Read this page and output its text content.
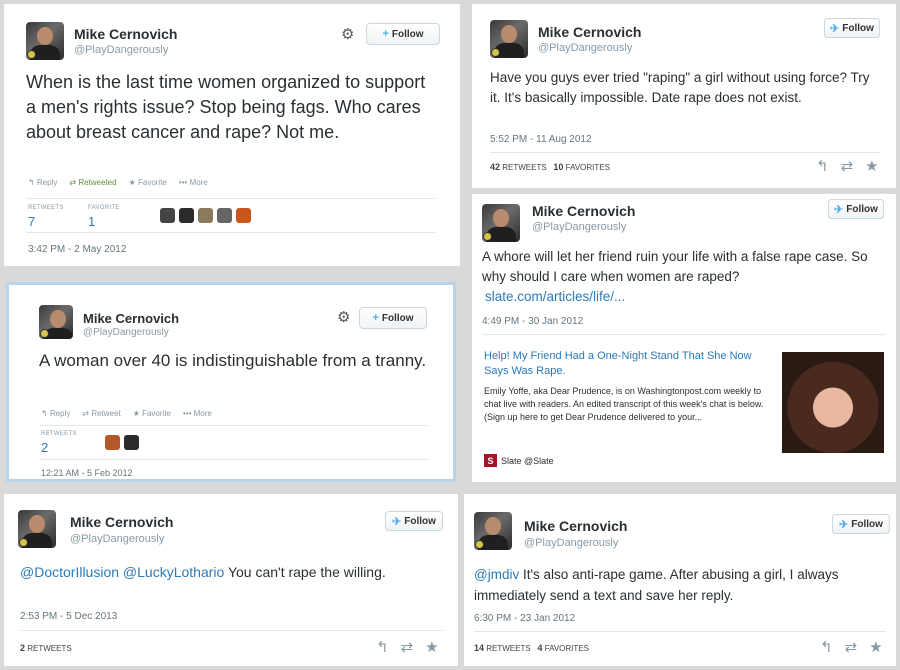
Mike Cernovich
@PlayDangerously
⚙	+ Follow
When is the last time women organized to support a men's rights issue? Stop being fags. Who cares about breast cancer and rape? Not me.
↰ Reply ⇄ Retweeted ★ Favorite ••• More
RETWEETS
7
FAVORITE
1
3:42 PM - 2 May 2012
Mike Cernovich
@PlayDangerously
✈ Follow
Have you guys ever tried "raping" a girl without using force? Try it. It's basically impossible. Date rape does not exist.
5:52 PM - 11 Aug 2012
42 RETWEETS 10 FAVORITES	↰ ⇄ ★
Mike Cernovich
@PlayDangerously
✈ Follow
A whore will let her friend ruin your life with a false rape case. So why should I care when women are raped?
slate.com/articles/life/...
4:49 PM - 30 Jan 2012
Help! My Friend Had a One-Night Stand That She Now Says Was Rape.
Emily Yoffe, aka Dear Prudence, is on Washingtonpost.com weekly to chat live with readers. An edited transcript of this week's chat is below. (Sign up here to get Dear Prudence delivered to your...
S Slate @Slate
Mike Cernovich
@PlayDangerously
⚙ + Follow
A woman over 40 is indistinguishable from a tranny.
↰ Reply ⇄ Retweet ★ Favorite ••• More
RETWEETS
2
12:21 AM - 5 Feb 2012
Mike Cernovich
@PlayDangerously
✈ Follow
@DoctorIllusion @LuckyLothario You can't rape the willing.
2:53 PM - 5 Dec 2013
2 RETWEETS	↰ ⇄ ★
Mike Cernovich
@PlayDangerously
✈ Follow
@jmdiv It's also anti-rape game. After abusing a girl, I always immediately send a text and save her reply.
6:30 PM - 23 Jan 2012
14 RETWEETS 4 FAVORITES	↰ ⇄ ★
